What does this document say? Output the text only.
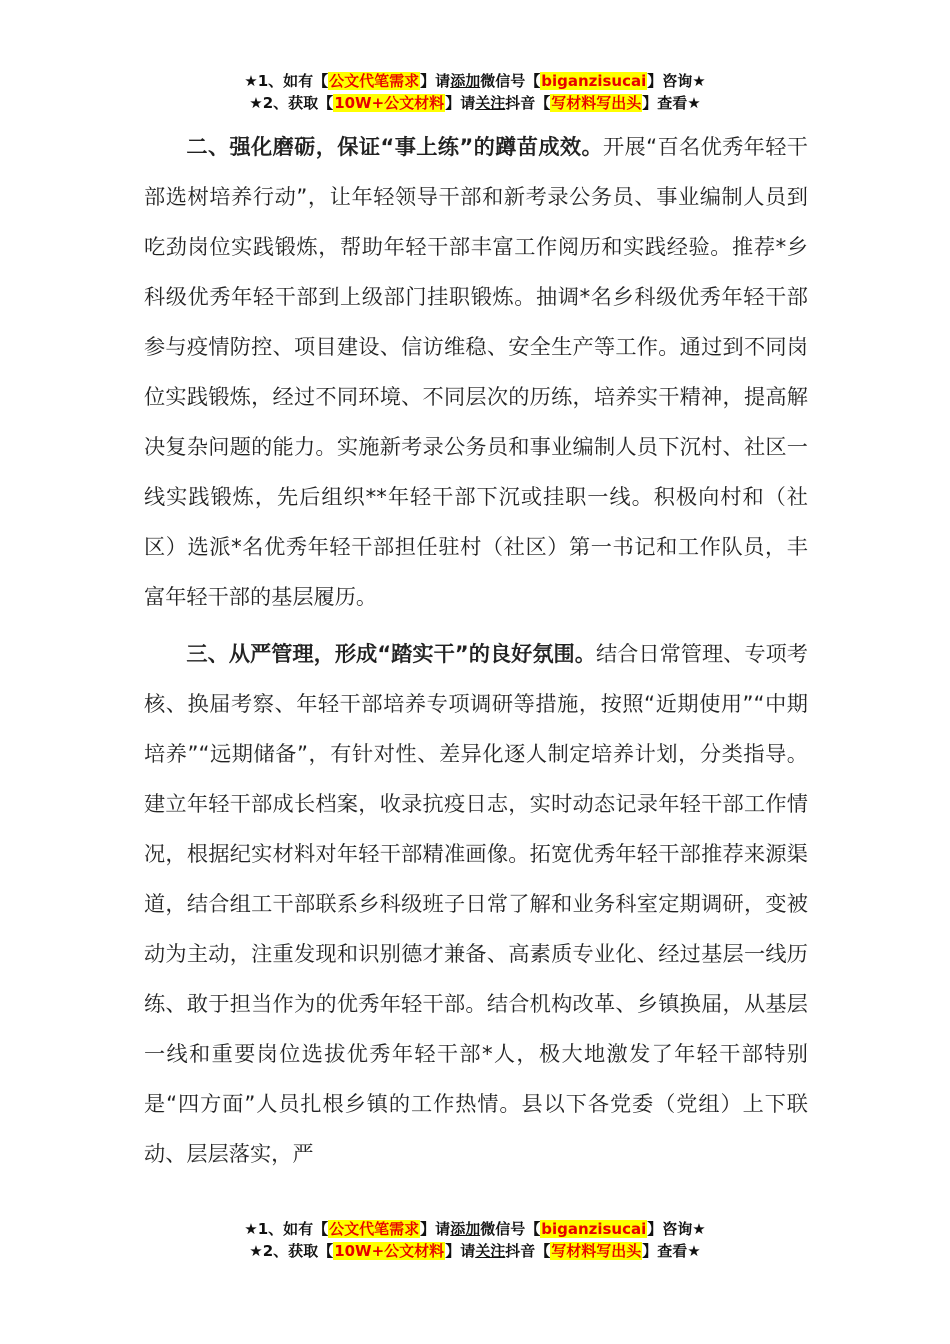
★1、如有【公文代笔需求】请添加微信号【biganzisucai】咨询★
★2、获取【10W+公文材料】请关注抖音【写材料写出头】查看★

二、强化磨砺，保证“事上练”的蹲苗成效。开展“百名优秀年轻干部选树培养行动”，让年轻领导干部和新考录公务员、事业编制人员到吃劲岗位实践锻炼，帮助年轻干部丰富工作阅历和实践经验。推荐*乡科级优秀年轻干部到上级部门挂职锻炼。抽调*名乡科级优秀年轻干部参与疫情防控、项目建设、信访维稳、安全生产等工作。通过到不同岗位实践锻炼，经过不同环境、不同层次的历练，培养实干精神，提高解决复杂问题的能力。实施新考录公务员和事业编制人员下沉村、社区一线实践锻炼，先后组织**年轻干部下沉或挂职一线。积极向村和（社区）选派*名优秀年轻干部担任驻村（社区）第一书记和工作队员，丰富年轻干部的基层履历。

三、从严管理，形成“踏实干”的良好氛围。结合日常管理、专项考核、换届考察、年轻干部培养专项调研等措施，按照“近期使用”“中期培养”“远期储备”，有针对性、差异化逐人制定培养计划，分类指导。建立年轻干部成长档案，收录抗疫日志，实时动态记录年轻干部工作情况，根据纪实材料对年轻干部精准画像。拓宽优秀年轻干部推荐来源渠道，结合组工干部联系乡科级班子日常了解和业务科室定期调研，变被动为主动，注重发现和识别德才兼备、高素质专业化、经过基层一线历练、敢于担当作为的优秀年轻干部。结合机构改革、乡镇换届，从基层一线和重要岗位选拔优秀年轻干部*人，极大地激发了年轻干部特别是“四方面”人员扎根乡镇的工作热情。县以下各党委（党组）上下联动、层层落实，严

★1、如有【公文代笔需求】请添加微信号【biganzisucai】咨询★
★2、获取【10W+公文材料】请关注抖音【写材料写出头】查看★
